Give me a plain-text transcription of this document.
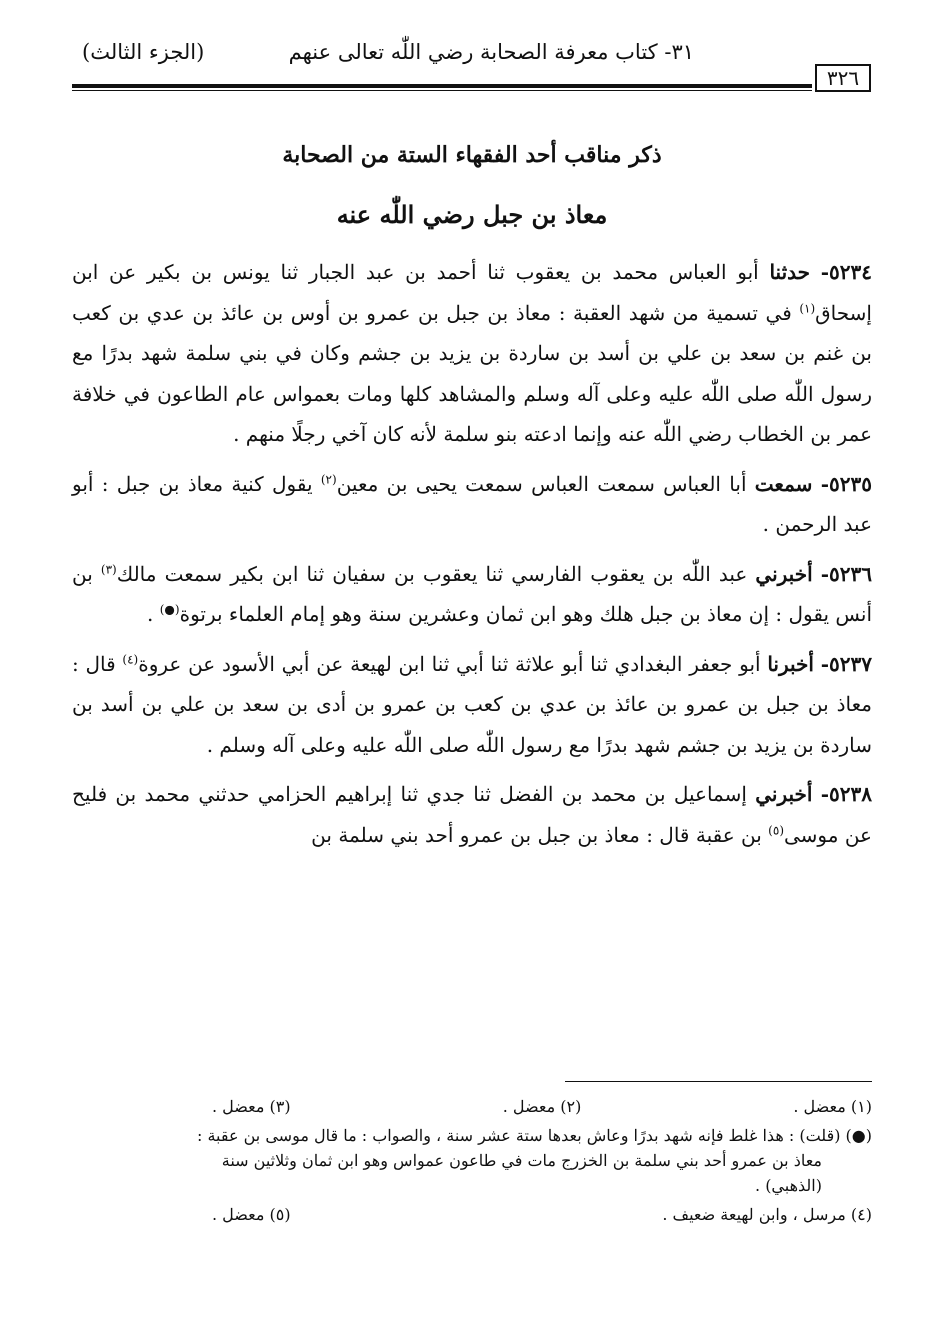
٣١- كتاب معرفة الصحابة رضي اللّٰه تعالى عنهم
(الجزء الثالث)
٣٢٦
ذكر مناقب أحد الفقهاء الستة من الصحابة
معاذ بن جبل رضي اللّٰه عنه

٥٢٣٤- حدثنا أبو العباس محمد بن يعقوب ثنا أحمد بن عبد الجبار ثنا يونس بن بكير عن ابن إسحاق$^{(١)}$ في تسمية من شهد العقبة : معاذ بن جبل بن عمرو بن أوس بن عائذ بن عدي بن كعب بن غنم بن سعد بن علي بن أسد بن ساردة بن يزيد بن جشم وكان في بني سلمة شهد بدرًا مع رسول اللّٰه صلى اللّٰه عليه وعلى آله وسلم والمشاهد كلها ومات بعمواس عام الطاعون في خلافة عمر بن الخطاب رضي اللّٰه عنه وإنما ادعته بنو سلمة لأنه كان آخي رجلًا منهم .

٥٢٣٥- سمعت أبا العباس سمعت العباس سمعت يحيى بن معين$^{(٢)}$ يقول كنية معاذ بن جبل : أبو عبد الرحمن .

٥٢٣٦- أخبرني عبد اللّٰه بن يعقوب الفارسي ثنا يعقوب بن سفيان ثنا ابن بكير سمعت مالك$^{(٣)}$ بن أنس يقول : إن معاذ بن جبل هلك وهو ابن ثمان وعشرين سنة وهو إمام العلماء برتوة(●) .

٥٢٣٧- أخبرنا أبو جعفر البغدادي ثنا أبو علاثة ثنا أبي ثنا ابن لهيعة عن أبي الأسود عن عروة$^{(٤)}$ قال : معاذ بن جبل بن عمرو بن عائذ بن عدي بن كعب بن عمرو بن أدى بن سعد بن علي بن أسد بن ساردة بن يزيد بن جشم شهد بدرًا مع رسول اللّٰه صلى اللّٰه عليه وعلى آله وسلم .

٥٢٣٨- أخبرني إسماعيل بن محمد بن الفضل ثنا جدي ثنا إبراهيم الحزامي حدثني محمد بن فليح عن موسى$^{(٥)}$ بن عقبة قال : معاذ بن جبل بن عمرو أحد بني سلمة بن

(١) معضل .
(٢) معضل .
(٣) معضل .
(●) (قلت) : هذا غلط فإنه شهد بدرًا وعاش بعدها ستة عشر سنة ، والصواب : ما قال موسى بن عقبة :
معاذ بن عمرو أحد بني سلمة بن الخزرج مات في طاعون عمواس وهو ابن ثمان وثلاثين سنة
(الذهبي) .
(٤) مرسل ، وابن لهيعة ضعيف .
(٥) معضل .
